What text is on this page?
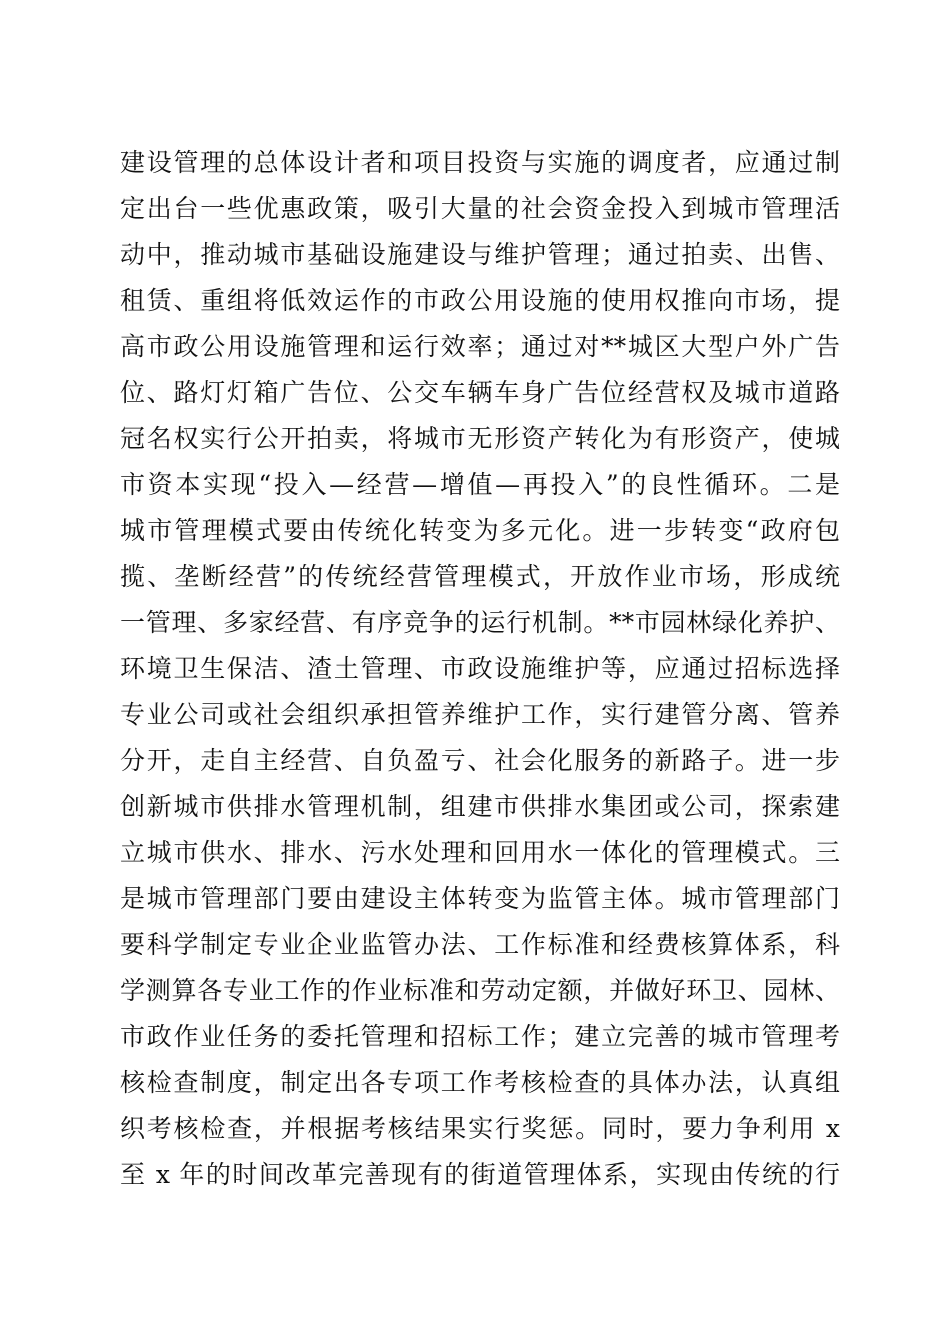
建设管理的总体设计者和项目投资与实施的调度者，应通过制
定出台一些优惠政策，吸引大量的社会资金投入到城市管理活
动中，推动城市基础设施建设与维护管理；通过拍卖、出售、
租赁、重组将低效运作的市政公用设施的使用权推向市场，提
高市政公用设施管理和运行效率；通过对**城区大型户外广告
位、路灯灯箱广告位、公交车辆车身广告位经营权及城市道路
冠名权实行公开拍卖，将城市无形资产转化为有形资产，使城
市资本实现“投入—经营—增值—再投入”的良性循环。二是
城市管理模式要由传统化转变为多元化。进一步转变“政府包
揽、垄断经营”的传统经营管理模式，开放作业市场，形成统
一管理、多家经营、有序竞争的运行机制。**市园林绿化养护、
环境卫生保洁、渣土管理、市政设施维护等，应通过招标选择
专业公司或社会组织承担管养维护工作，实行建管分离、管养
分开，走自主经营、自负盈亏、社会化服务的新路子。进一步
创新城市供排水管理机制，组建市供排水集团或公司，探索建
立城市供水、排水、污水处理和回用水一体化的管理模式。三
是城市管理部门要由建设主体转变为监管主体。城市管理部门
要科学制定专业企业监管办法、工作标准和经费核算体系，科
学测算各专业工作的作业标准和劳动定额，并做好环卫、园林、
市政作业任务的委托管理和招标工作；建立完善的城市管理考
核检查制度，制定出各专项工作考核检查的具体办法，认真组
织考核检查，并根据考核结果实行奖惩。同时，要力争利用 x
至 x 年的时间改革完善现有的街道管理体系，实现由传统的行
